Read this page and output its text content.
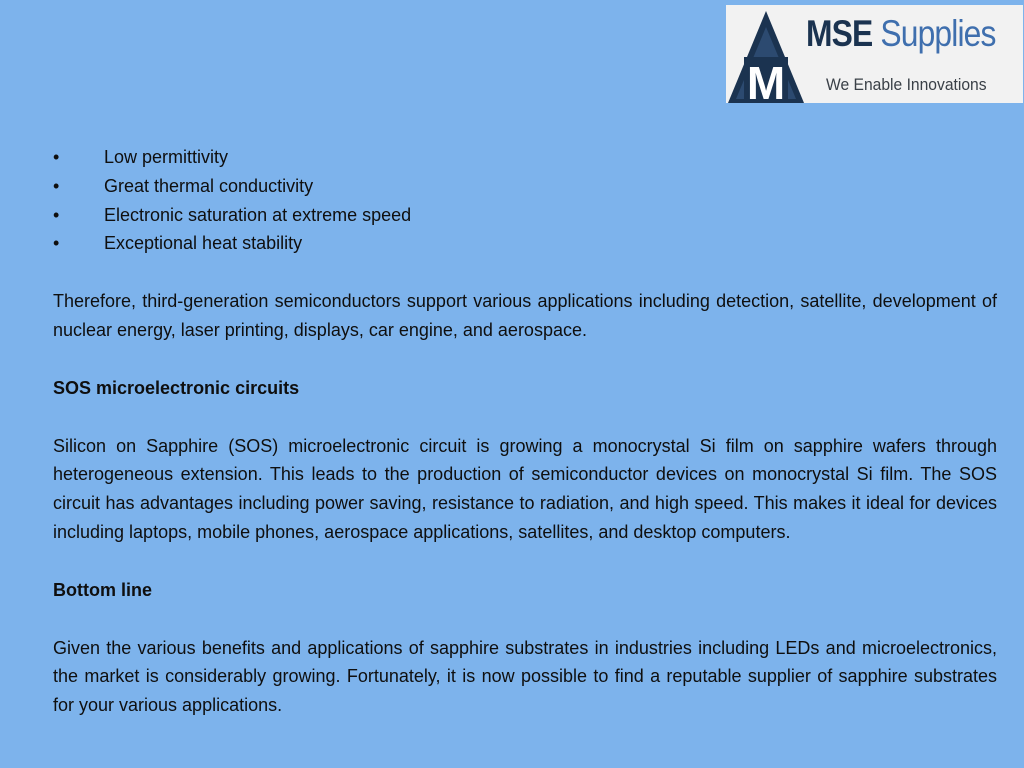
M
MSE Supplies
We Enable Innovations
• Low permittivity
• Great thermal conductivity
• Electronic saturation at extreme speed
• Exceptional heat stability

Therefore, third-generation semiconductors support various applications including detection, satellite, development of nuclear energy, laser printing, displays, car engine, and aerospace.

SOS microelectronic circuits

Silicon on Sapphire (SOS) microelectronic circuit is growing a monocrystal Si film on sapphire wafers through heterogeneous extension. This leads to the production of semiconductor devices on monocrystal Si film. The SOS circuit has advantages including power saving, resistance to radiation, and high speed. This makes it ideal for devices including laptops, mobile phones, aerospace applications, satellites, and desktop computers.

Bottom line

Given the various benefits and applications of sapphire substrates in industries including LEDs and microelectronics, the market is considerably growing. Fortunately, it is now possible to find a reputable supplier of sapphire substrates for your various applications.
